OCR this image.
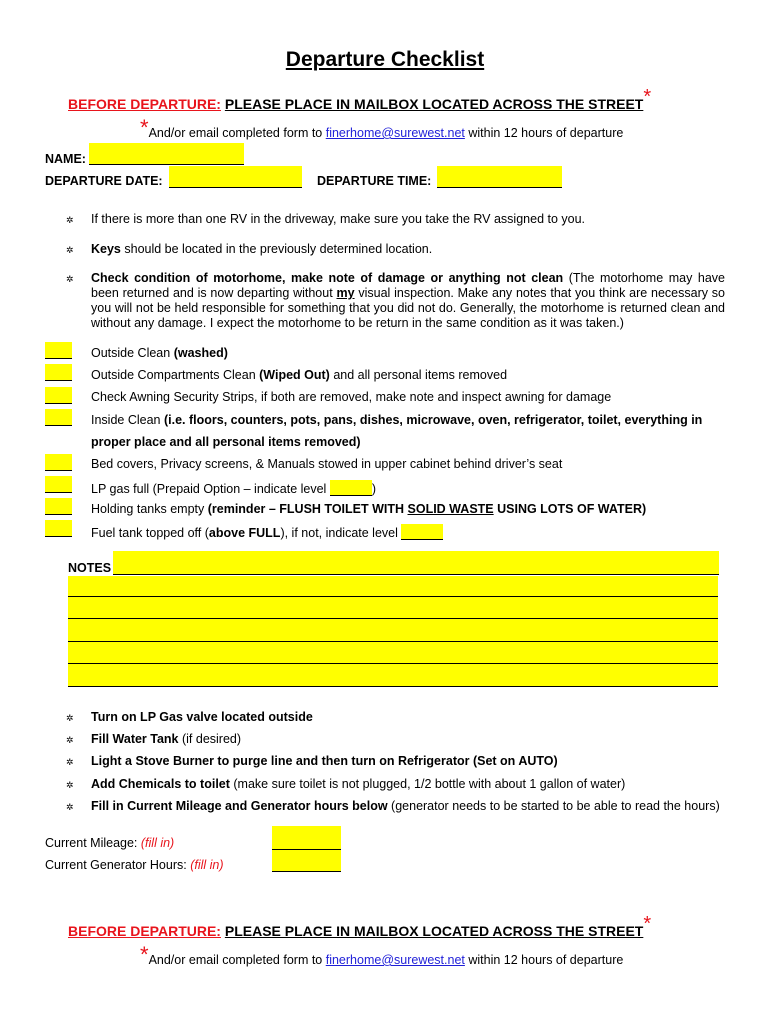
Departure Checklist
BEFORE DEPARTURE: PLEASE PLACE IN MAILBOX LOCATED ACROSS THE STREET*
*And/or email completed form to finerhome@surewest.net within 12 hours of departure
NAME:
DEPARTURE DATE:	DEPARTURE TIME:
✲ If there is more than one RV in the driveway, make sure you take the RV assigned to you.
✲ Keys should be located in the previously determined location.
✲ Check condition of motorhome, make note of damage or anything not clean (The motorhome may have been returned and is now departing without my visual inspection. Make any notes that you think are necessary so you will not be held responsible for something that you did not do. Generally, the motorhome is returned clean and without any damage. I expect the motorhome to be return in the same condition as it was taken.)
Outside Clean (washed)
Outside Compartments Clean (Wiped Out) and all personal items removed
Check Awning Security Strips, if both are removed, make note and inspect awning for damage
Inside Clean (i.e. floors, counters, pots, pans, dishes, microwave, oven, refrigerator, toilet, everything in
proper place and all personal items removed)
Bed covers, Privacy screens, & Manuals stowed in upper cabinet behind driver’s seat
LP gas full (Prepaid Option – indicate level	)
Holding tanks empty (reminder – FLUSH TOILET WITH SOLID WASTE USING LOTS OF WATER)
Fuel tank topped off (above FULL), if not, indicate level
NOTES
✲ Turn on LP Gas valve located outside
✲ Fill Water Tank (if desired)
✲ Light a Stove Burner to purge line and then turn on Refrigerator (Set on AUTO)
✲ Add Chemicals to toilet (make sure toilet is not plugged, 1/2 bottle with about 1 gallon of water)
✲ Fill in Current Mileage and Generator hours below (generator needs to be started to be able to read the hours)
Current Mileage: (fill in)
Current Generator Hours: (fill in)
BEFORE DEPARTURE: PLEASE PLACE IN MAILBOX LOCATED ACROSS THE STREET*
*And/or email completed form to finerhome@surewest.net within 12 hours of departure
